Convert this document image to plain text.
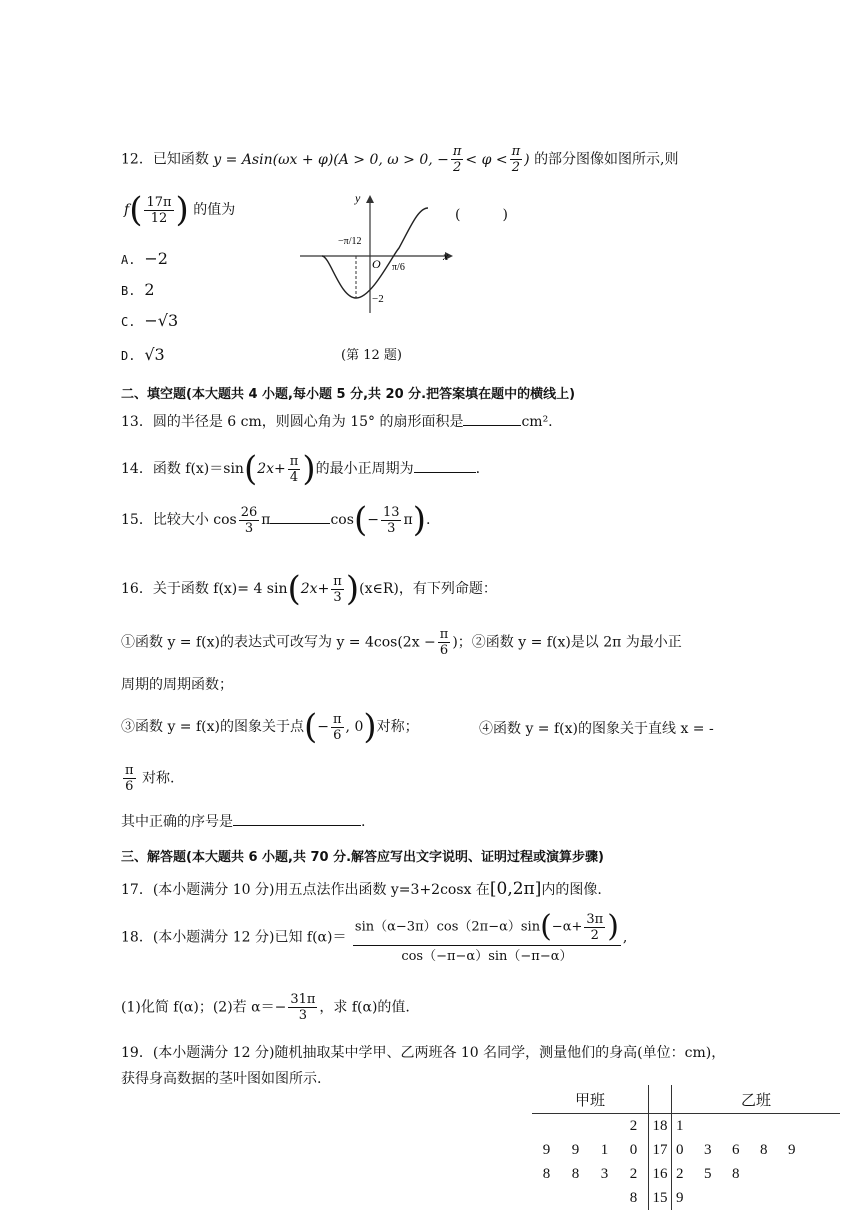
12．已知函数 y = Asin(ωx + φ)(A > 0, ω > 0, − $\frac{\pi}{2} < \varphi < \frac{\pi}{2}$ ) 的部分图像如图所示,则
$f( \frac{17\pi}{12}$ ) 的值为	(　　　)
A. −2
B. 2
C. −√3
D. √3
y
x
O
−π/12
π/6
−2
(第 12 题)
二、填空题(本大题共 4 小题,每小题 5 分,共 20 分.把答案填在题中的横线上)
13．圆的半径是 6 cm，则圆心角为 15° 的扇形面积是	cm².
14．函数 $f(x)=\sin(2x+ \frac{\pi}{4}$ )的最小正周期为	.
15．比较大小 $\cos \frac{26}{3}$ π	$\cos(- \frac{13}{3} \pi)$.
16．关于函数 f(x)= 4 $\sin(2x+ \frac{\pi}{3}$ )(x∈R)，有下列命题：
①函数 y = f(x)的表达式可改写为 $y = 4\cos(2x - \frac{\pi}{6}$ )；②函数 y = f(x)是以 2π 为最小正
周期的周期函数；
③函数 y = f(x)的图象关于点(− $\frac{\pi}{6}$ , 0)对称；	④函数 y = f(x)的图象关于直线 x = -
$\frac{\pi}{6}$ 对称.
其中正确的序号是	.
三、解答题(本大题共 6 小题,共 70 分.解答应写出文字说明、证明过程或演算步骤)
17．(本小题满分 10 分)用五点法作出函数 y=3+2cosx 在[0,2π]内的图像.
18．(本小题满分 12 分)已知 $f(\alpha)= \frac{\sin(\alpha-3\pi)\cos(2\pi-\alpha)\sin(-\alpha+ \frac{3\pi}{2} )}{\cos(-\pi-\alpha)\sin(-\pi-\alpha)}$ ,
(1)化简 f(α)；(2)若 $\alpha=- \frac{31\pi}{3}$ ，求 f(α)的值.
19．(本小题满分 12 分)随机抽取某中学甲、乙两班各 10 名同学，测量他们的身高(单位：cm)，
获得身高数据的茎叶图如图所示.
甲班					乙班					
			2	18	1					
9	9	1	0	17	0	3	6	8	9	
8	8	3	2	16	2	5	8			
			8	15	9					
